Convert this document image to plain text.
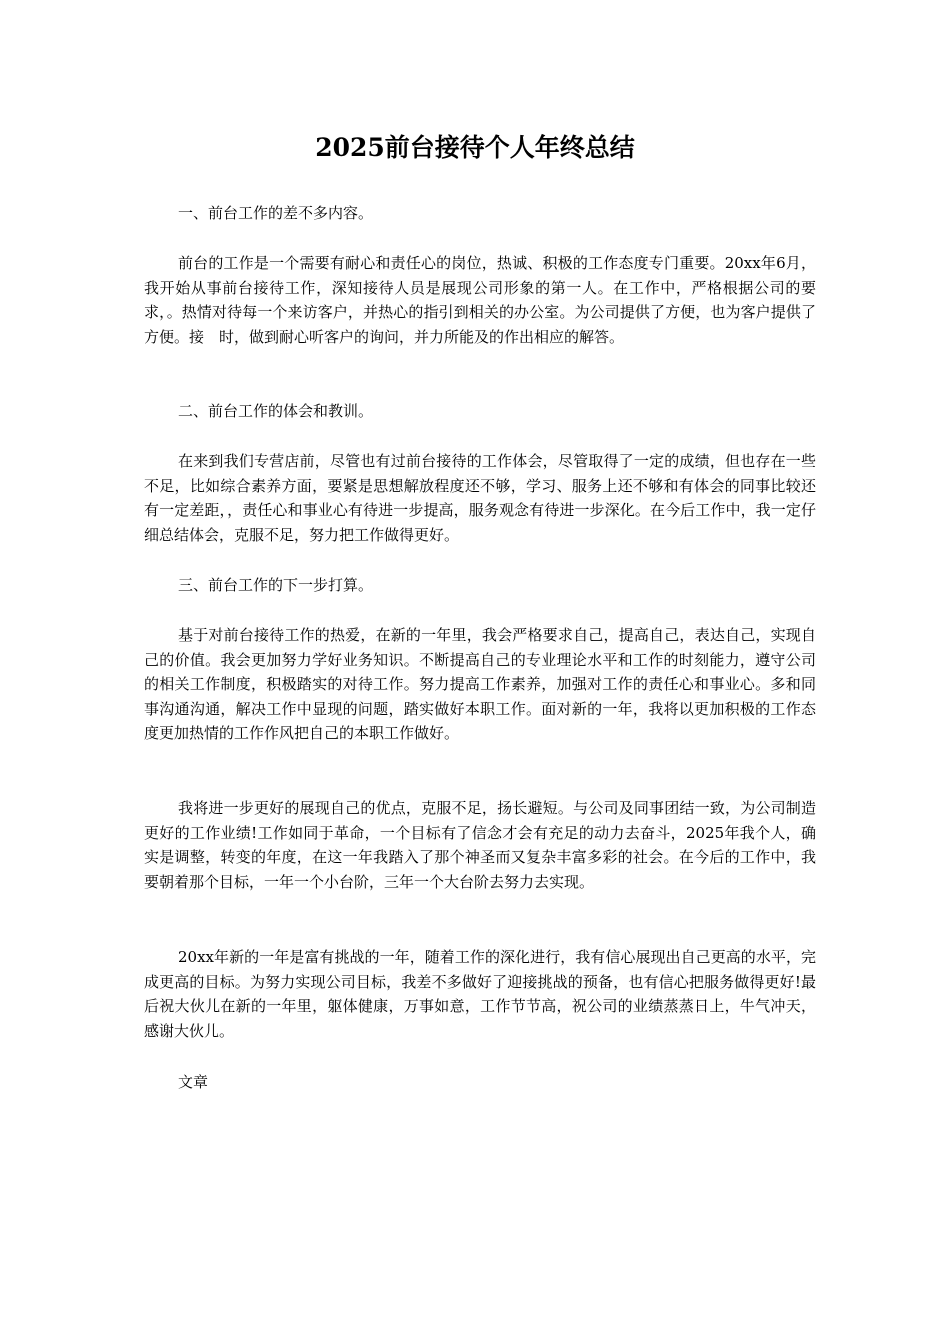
2025前台接待个人年终总结

一、前台工作的差不多内容。

前台的工作是一个需要有耐心和责任心的岗位，热诚、积极的工作态度专门重要。20xx年6月，我开始从事前台接待工作，深知接待人员是展现公司形象的第一人。在工作中，严格根据公司的要求，。热情对待每一个来访客户，并热心的指引到相关的办公室。为公司提供了方便，也为客户提供了方便。接　时，做到耐心听客户的询问，并力所能及的作出相应的解答。

二、前台工作的体会和教训。

在来到我们专营店前，尽管也有过前台接待的工作体会，尽管取得了一定的成绩，但也存在一些不足，比如综合素养方面，要紧是思想解放程度还不够，学习、服务上还不够和有体会的同事比较还有一定差距，，责任心和事业心有待进一步提高，服务观念有待进一步深化。在今后工作中，我一定仔细总结体会，克服不足，努力把工作做得更好。

三、前台工作的下一步打算。

基于对前台接待工作的热爱，在新的一年里，我会严格要求自己，提高自己，表达自己，实现自己的价值。我会更加努力学好业务知识。不断提高自己的专业理论水平和工作的时刻能力，遵守公司的相关工作制度，积极踏实的对待工作。努力提高工作素养，加强对工作的责任心和事业心。多和同事沟通沟通，解决工作中显现的问题，踏实做好本职工作。面对新的一年，我将以更加积极的工作态度更加热情的工作作风把自己的本职工作做好。

我将进一步更好的展现自己的优点，克服不足，扬长避短。与公司及同事团结一致，为公司制造更好的工作业绩!工作如同于革命，一个目标有了信念才会有充足的动力去奋斗，2025年我个人，确实是调整，转变的年度，在这一年我踏入了那个神圣而又复杂丰富多彩的社会。在今后的工作中，我要朝着那个目标，一年一个小台阶，三年一个大台阶去努力去实现。

20xx年新的一年是富有挑战的一年，随着工作的深化进行，我有信心展现出自己更高的水平，完成更高的目标。为努力实现公司目标，我差不多做好了迎接挑战的预备，也有信心把服务做得更好!最后祝大伙儿在新的一年里，躯体健康，万事如意，工作节节高，祝公司的业绩蒸蒸日上，牛气冲天，感谢大伙儿。

文章
